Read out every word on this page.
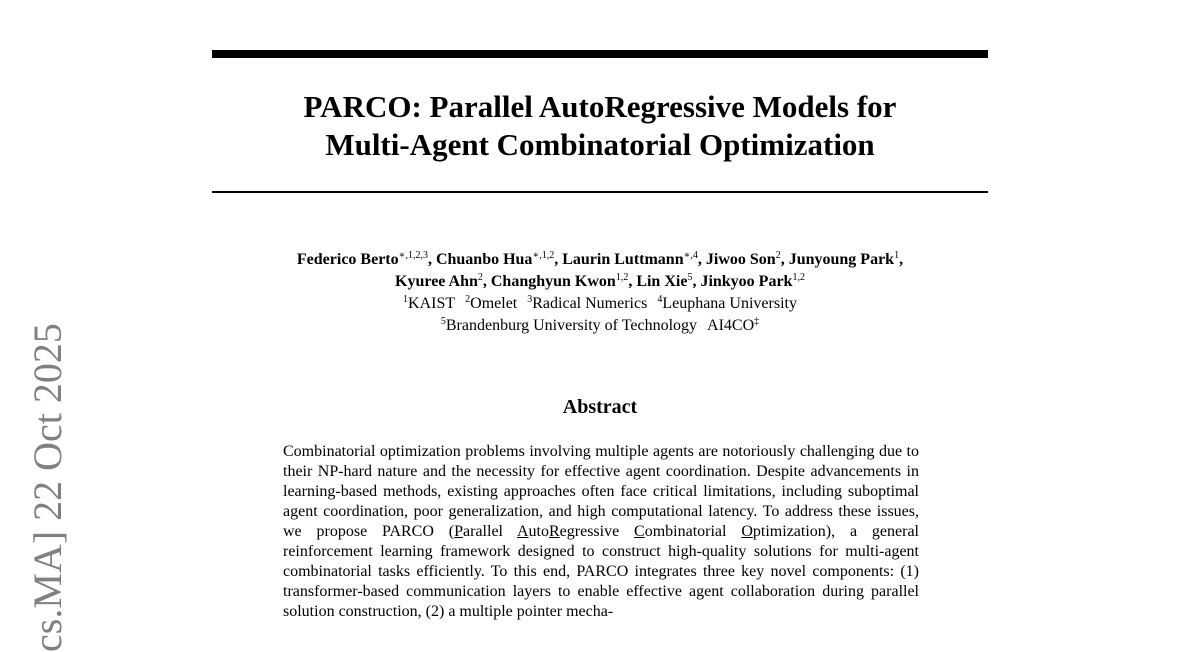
PARCO: Parallel AutoRegressive Models for
Multi-Agent Combinatorial Optimization
Federico Berto$^{∗,1,2,3}$, Chuanbo Hua$^{∗,1,2}$, Laurin Luttmann$^{∗,4}$, Jiwoo Son$^2$, Junyoung Park$^1$,
Kyuree Ahn$^2$, Changhyun Kwon$^{1,2}$, Lin Xie$^5$, Jinkyoo Park$^{1,2}$
$^1$KAIST $^2$Omelet $^3$Radical Numerics $^4$Leuphana University
$^5$Brandenburg University of Technology AI4CO‡
Abstract
Combinatorial optimization problems involving multiple agents are notoriously challenging due to their NP-hard nature and the necessity for effective agent coordination. Despite advancements in learning-based methods, existing approaches often face critical limitations, including suboptimal agent coordination, poor generalization, and high computational latency. To address these issues, we propose PARCO (Parallel AutoRegressive Combinatorial Optimization), a general reinforcement learning framework designed to construct high-quality solutions for multi-agent combinatorial tasks efficiently. To this end, PARCO integrates three key novel components: (1) transformer-based communication layers to enable effective agent collaboration during parallel solution construction, (2) a multiple pointer mecha-
cs.MA] 22 Oct 2025
